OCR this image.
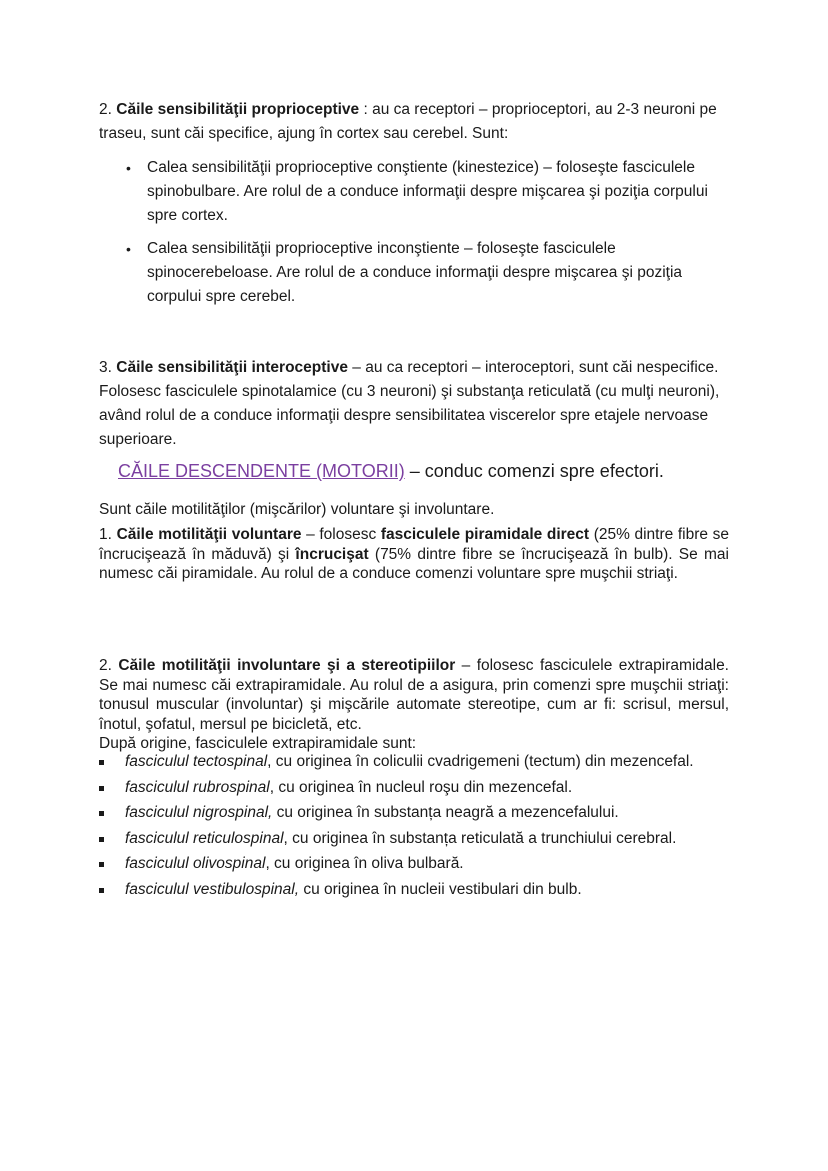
2. Căile sensibilităţii proprioceptive : au ca receptori – proprioceptori, au 2-3 neuroni pe traseu, sunt căi specifice, ajung în cortex sau cerebel. Sunt:

• Calea sensibilităţii proprioceptive conştiente (kinestezice) – foloseşte fasciculele spinobulbare. Are rolul de a conduce informaţii despre mişcarea şi poziţia corpului spre cortex.
• Calea sensibilităţii proprioceptive inconştiente – foloseşte fasciculele spinocerebeloase. Are rolul de a conduce informaţii despre mişcarea şi poziţia corpului spre cerebel.

3. Căile sensibilităţii interoceptive – au ca receptori – interoceptori, sunt căi nespecifice. Folosesc fasciculele spinotalamice (cu 3 neuroni) şi substanţa reticulată (cu mulţi neuroni), având rolul de a conduce informaţii despre sensibilitatea viscerelor spre etajele nervoase superioare.

CĂILE DESCENDENTE (MOTORII) – conduc comenzi spre efectori.

Sunt căile motilităţilor (mişcărilor) voluntare şi involuntare.

1. Căile motilităţii voluntare – folosesc fasciculele piramidale direct (25% dintre fibre se încrucişează în măduvă) şi încrucişat (75% dintre fibre se încrucişează în bulb). Se mai numesc căi piramidale. Au rolul de a conduce comenzi voluntare spre muşchii striaţi.

2. Căile motilităţii involuntare şi a stereotipiilor – folosesc fasciculele extrapiramidale. Se mai numesc căi extrapiramidale. Au rolul de a asigura, prin comenzi spre muşchii striaţi: tonusul muscular (involuntar) şi mişcările automate stereotipe, cum ar fi: scrisul, mersul, înotul, şofatul, mersul pe bicicletă, etc.
După origine, fasciculele extrapiramidale sunt:

fasciculul tectospinal, cu originea în coliculii cvadrigemeni (tectum) din mezencefal.
fasciculul rubrospinal, cu originea în nucleul roşu din mezencefal.
fasciculul nigrospinal, cu originea în substanța neagră a mezencefalului.
fasciculul reticulospinal, cu originea în substanța reticulată a trunchiului cerebral.
fasciculul olivospinal, cu originea în oliva bulbară.
fasciculul vestibulospinal, cu originea în nucleii vestibulari din bulb.
